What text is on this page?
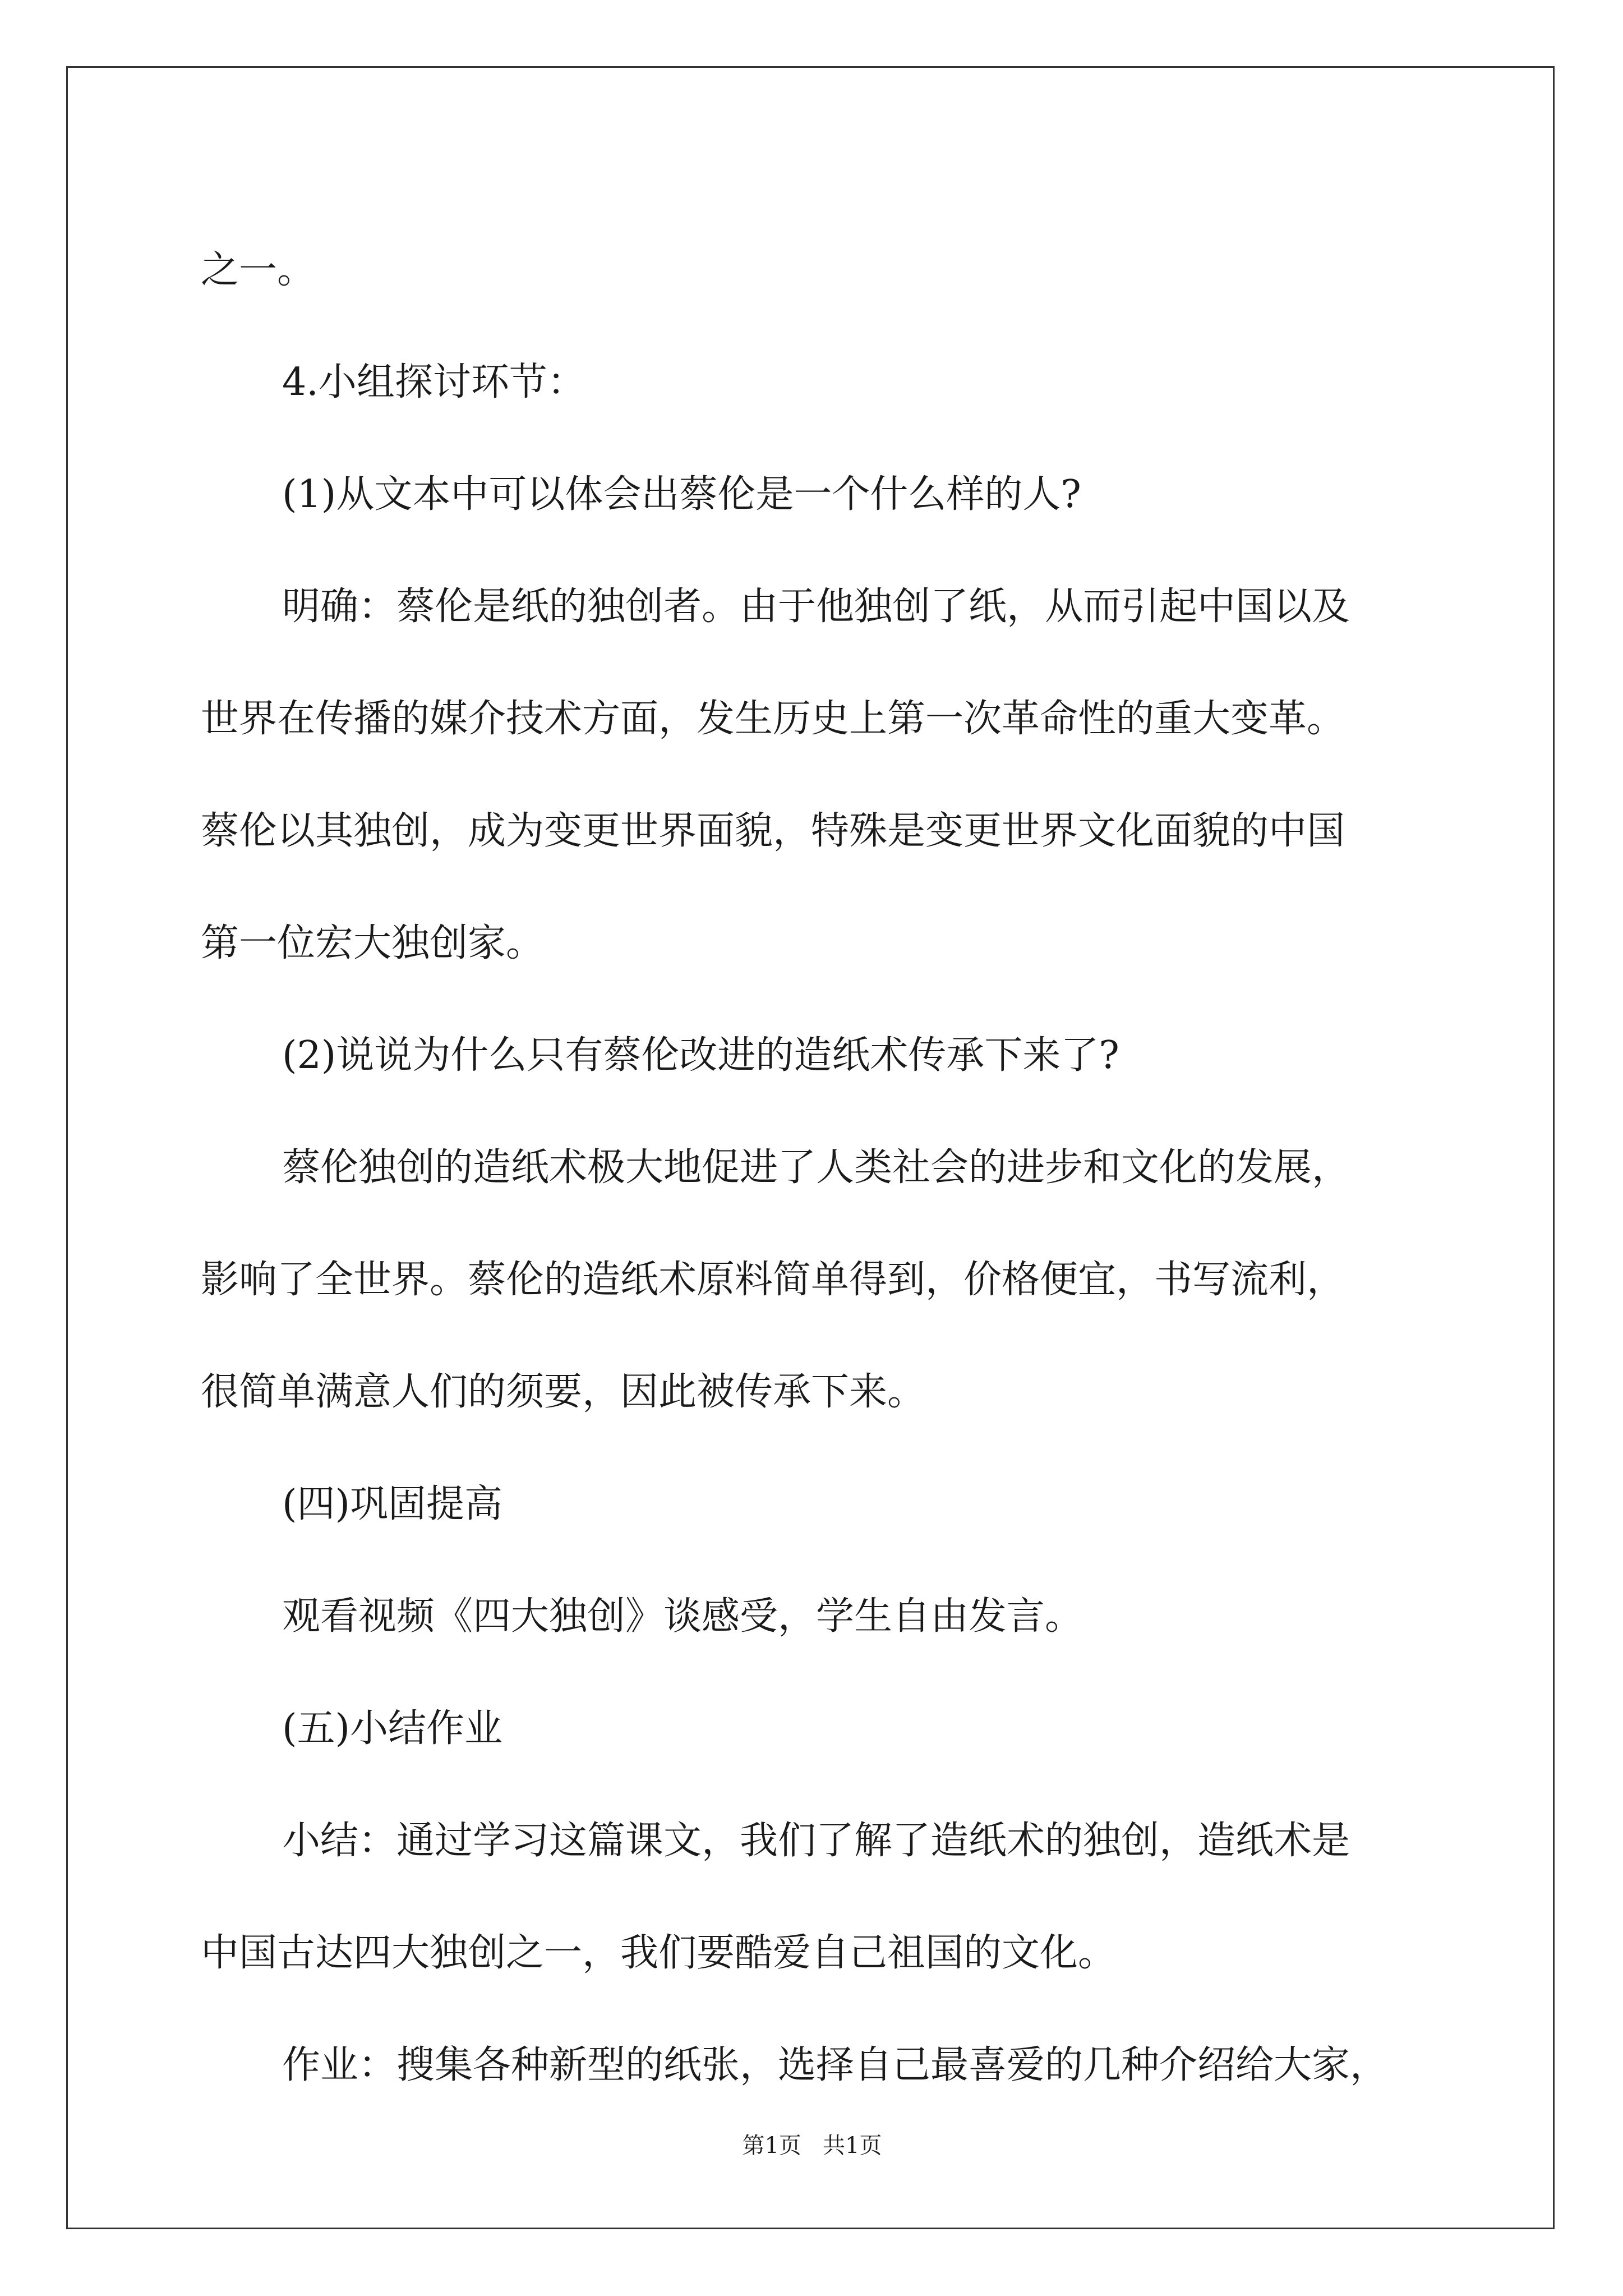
之一。
4.小组探讨环节：
(1)从文本中可以体会出蔡伦是一个什么样的人?
明确：蔡伦是纸的独创者。由于他独创了纸，从而引起中国以及
世界在传播的媒介技术方面，发生历史上第一次革命性的重大变革。
蔡伦以其独创，成为变更世界面貌，特殊是变更世界文化面貌的中国
第一位宏大独创家。
(2)说说为什么只有蔡伦改进的造纸术传承下来了?
蔡伦独创的造纸术极大地促进了人类社会的进步和文化的发展，
影响了全世界。蔡伦的造纸术原料简单得到，价格便宜，书写流利，
很简单满意人们的须要，因此被传承下来。
(四)巩固提高
观看视频《四大独创》谈感受，学生自由发言。
(五)小结作业
小结：通过学习这篇课文，我们了解了造纸术的独创，造纸术是
中国古达四大独创之一，我们要酷爱自己祖国的文化。
作业：搜集各种新型的纸张，选择自己最喜爱的几种介绍给大家，
第1页   共1页
